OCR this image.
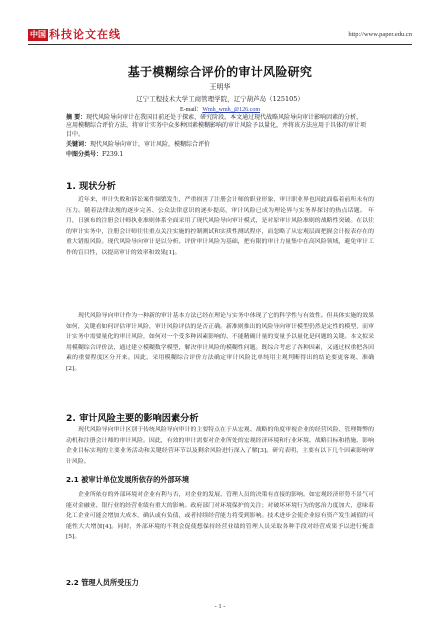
中国 科技论文在线	http://www.paper.edu.cn
基于模糊综合评价的审计风险研究
王明华
辽宁工程技术大学工商管理学院，辽宁葫芦岛（125105）
E-mail：Wmh_wmh_@126.com
摘 要：现代风险导向审计在我国目前还处于探索、研究阶段。本文通过现代战略风险导向审计影响因素的分析，应用模糊综合评价方法，将审计实务中众多种因素模糊影响的审计风险予以量化，并将该方法应用于具体的审计项目中。
关键词：现代风险导向审计，审计风险，模糊综合评价
中图分类号：F239.1
1. 现状分析
近年来，审计失败和诉讼案件频繁发生，严重损害了注册会计师的职业形象，审计职业界也因此面临着前所未有的压力。随着法律法规的逐步完善、公众法律意识的逐步提高，审计风险已成为理论界与实务界探讨的热点话题。 年 月，日颁布的注册会计师执业准则体系全面采用了现代风险导向审计模式，是对原审计风险准则的战略性突破。在以往的审计实务中，注册会计师往往重点关注实施的控制测试和实质性测试程序，而忽略了从宏观层面把握会计报表存在的重大错报风险。现代风险导向审计是以分析、评价审计风险为基础，把有限的审计力量集中在高风险领域，避免审计工作的盲目性，以提高审计的效率和效果[1]。
现代风险导向审计作为一种新的审计基本方法已经在理论与实务中体现了它的科学性与有效性。但具体实施的效果如何，关键看如何评估审计风险，审计风险评估的是否正确。新准则推出的风险导向审计模型仍然是定性的模型，而审计实务中需要量化的审计风险，如何对一个受多种因素影响的、不能精确计量的变量予以量化是问题的关键。本文拟采用模糊综合评价法，通过建立模糊数学模型，解决审计风险的模糊性问题。既综合考虑了各种因素，又通过权重把各因素的重要程度区分开来。因此，采用模糊综合评价方法确定审计风险比单纯用主观判断得出的结论要更客观、准确[2]。
2. 审计风险主要的影响因素分析
现代风险导向审计区别于传统风险导向审计的主要特点在于从宏观、战略的角度审视企业的经营风险、管理舞弊的动机和注册会计师的审计风险。因此，有效的审计需要对企业所处的宏观经济环境和行业环境、战略目标和措施、影响企业目标实现的主要业务活动和关键经营环节以及剩余风险进行深入了解[3]。研究表明，主要有以下几个因素影响审计风险。
2.1 被审计单位发展所依存的外部环境
企业所依存的外部环境对企业有利与否，对企业的发展、管理人员的决策有直接的影响。如宏观经济形势不景气可能对金融业、银行业的经营业绩有重大的影响。政府部门对环境保护的关注；对破坏环境行为的惩治力度加大，意味着化工企业可能会增加大成本，确认或有负债，或者持续经营能力将受到影响。技术进步会使企业原有资产发生减值的可能性大大增加[4]。同时，外部环境的不利会促使想保持经营业绩的管理人员采取各种手段对经营成果予以进行掩盖[5]。
2.2 管理人员所受压力
- 1 -
